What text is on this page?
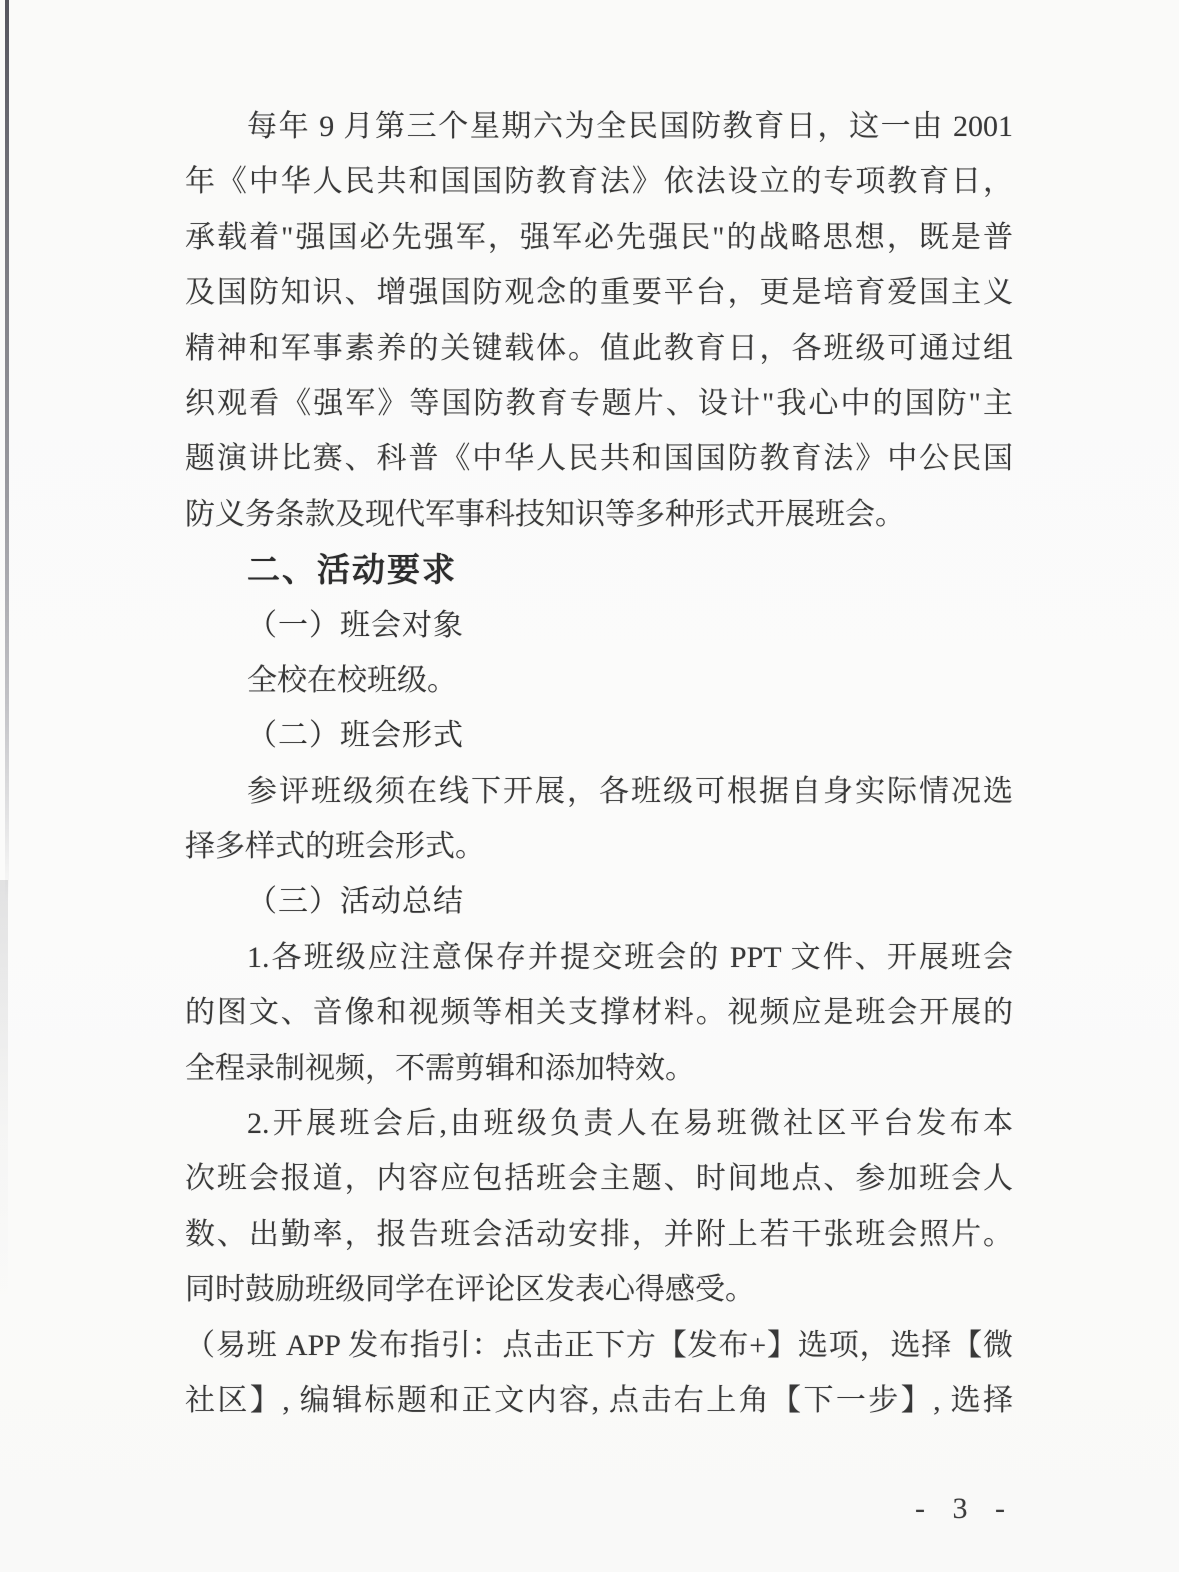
每年 9 月第三个星期六为全民国防教育日，这一由 2001
年《中华人民共和国国防教育法》依法设立的专项教育日，
承载着"强国必先强军，强军必先强民"的战略思想，既是普
及国防知识、增强国防观念的重要平台，更是培育爱国主义
精神和军事素养的关键载体。值此教育日，各班级可通过组
织观看《强军》等国防教育专题片、设计"我心中的国防"主
题演讲比赛、科普《中华人民共和国国防教育法》中公民国
防义务条款及现代军事科技知识等多种形式开展班会。
二、活动要求
（一）班会对象
全校在校班级。
（二）班会形式
参评班级须在线下开展，各班级可根据自身实际情况选
择多样式的班会形式。
（三）活动总结
1.各班级应注意保存并提交班会的 PPT 文件、开展班会
的图文、音像和视频等相关支撑材料。视频应是班会开展的
全程录制视频，不需剪辑和添加特效。
2.开展班会后,由班级负责人在易班微社区平台发布本
次班会报道，内容应包括班会主题、时间地点、参加班会人
数、出勤率，报告班会活动安排，并附上若干张班会照片。
同时鼓励班级同学在评论区发表心得感受。
（易班 APP 发布指引：点击正下方【发布+】选项，选择【微
社区】, 编辑标题和正文内容, 点击右上角【下一步】, 选择
- 3 -
